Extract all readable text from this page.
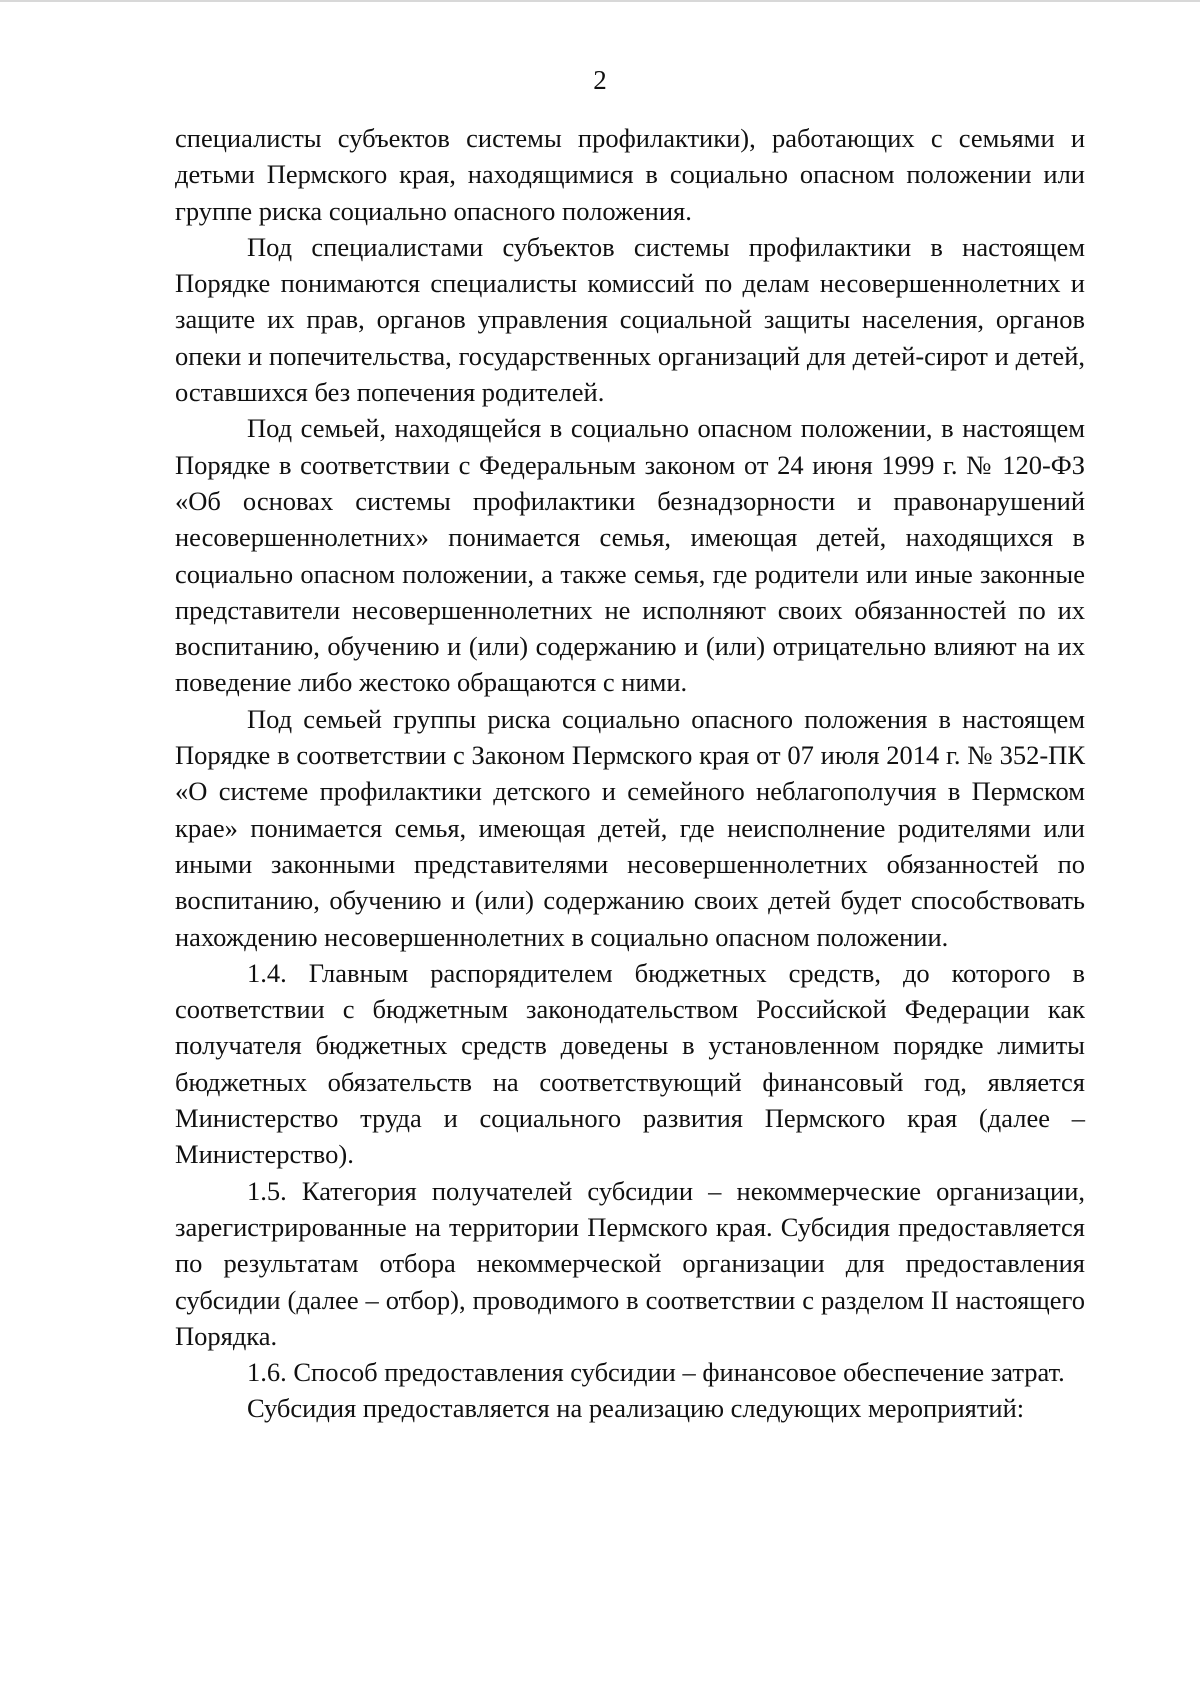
2

специалисты субъектов системы профилактики), работающих с семьями и детьми Пермского края, находящимися в социально опасном положении или группе риска социально опасного положения.

Под специалистами субъектов системы профилактики в настоящем Порядке понимаются специалисты комиссий по делам несовершеннолетних и защите их прав, органов управления социальной защиты населения, органов опеки и попечительства, государственных организаций для детей-сирот и детей, оставшихся без попечения родителей.

Под семьей, находящейся в социально опасном положении, в настоящем Порядке в соответствии с Федеральным законом от 24 июня 1999 г. № 120-ФЗ «Об основах системы профилактики безнадзорности и правонарушений несовершеннолетних» понимается семья, имеющая детей, находящихся в социально опасном положении, а также семья, где родители или иные законные представители несовершеннолетних не исполняют своих обязанностей по их воспитанию, обучению и (или) содержанию и (или) отрицательно влияют на их поведение либо жестоко обращаются с ними.

Под семьей группы риска социально опасного положения в настоящем Порядке в соответствии с Законом Пермского края от 07 июля 2014 г. № 352-ПК «О системе профилактики детского и семейного неблагополучия в Пермском крае» понимается семья, имеющая детей, где неисполнение родителями или иными законными представителями несовершеннолетних обязанностей по воспитанию, обучению и (или) содержанию своих детей будет способствовать нахождению несовершеннолетних в социально опасном положении.

1.4. Главным распорядителем бюджетных средств, до которого в соответствии с бюджетным законодательством Российской Федерации как получателя бюджетных средств доведены в установленном порядке лимиты бюджетных обязательств на соответствующий финансовый год, является Министерство труда и социального развития Пермского края (далее – Министерство).

1.5. Категория получателей субсидии – некоммерческие организации, зарегистрированные на территории Пермского края. Субсидия предоставляется по результатам отбора некоммерческой организации для предоставления субсидии (далее – отбор), проводимого в соответствии с разделом II настоящего Порядка.

1.6. Способ предоставления субсидии – финансовое обеспечение затрат.

Субсидия предоставляется на реализацию следующих мероприятий:
